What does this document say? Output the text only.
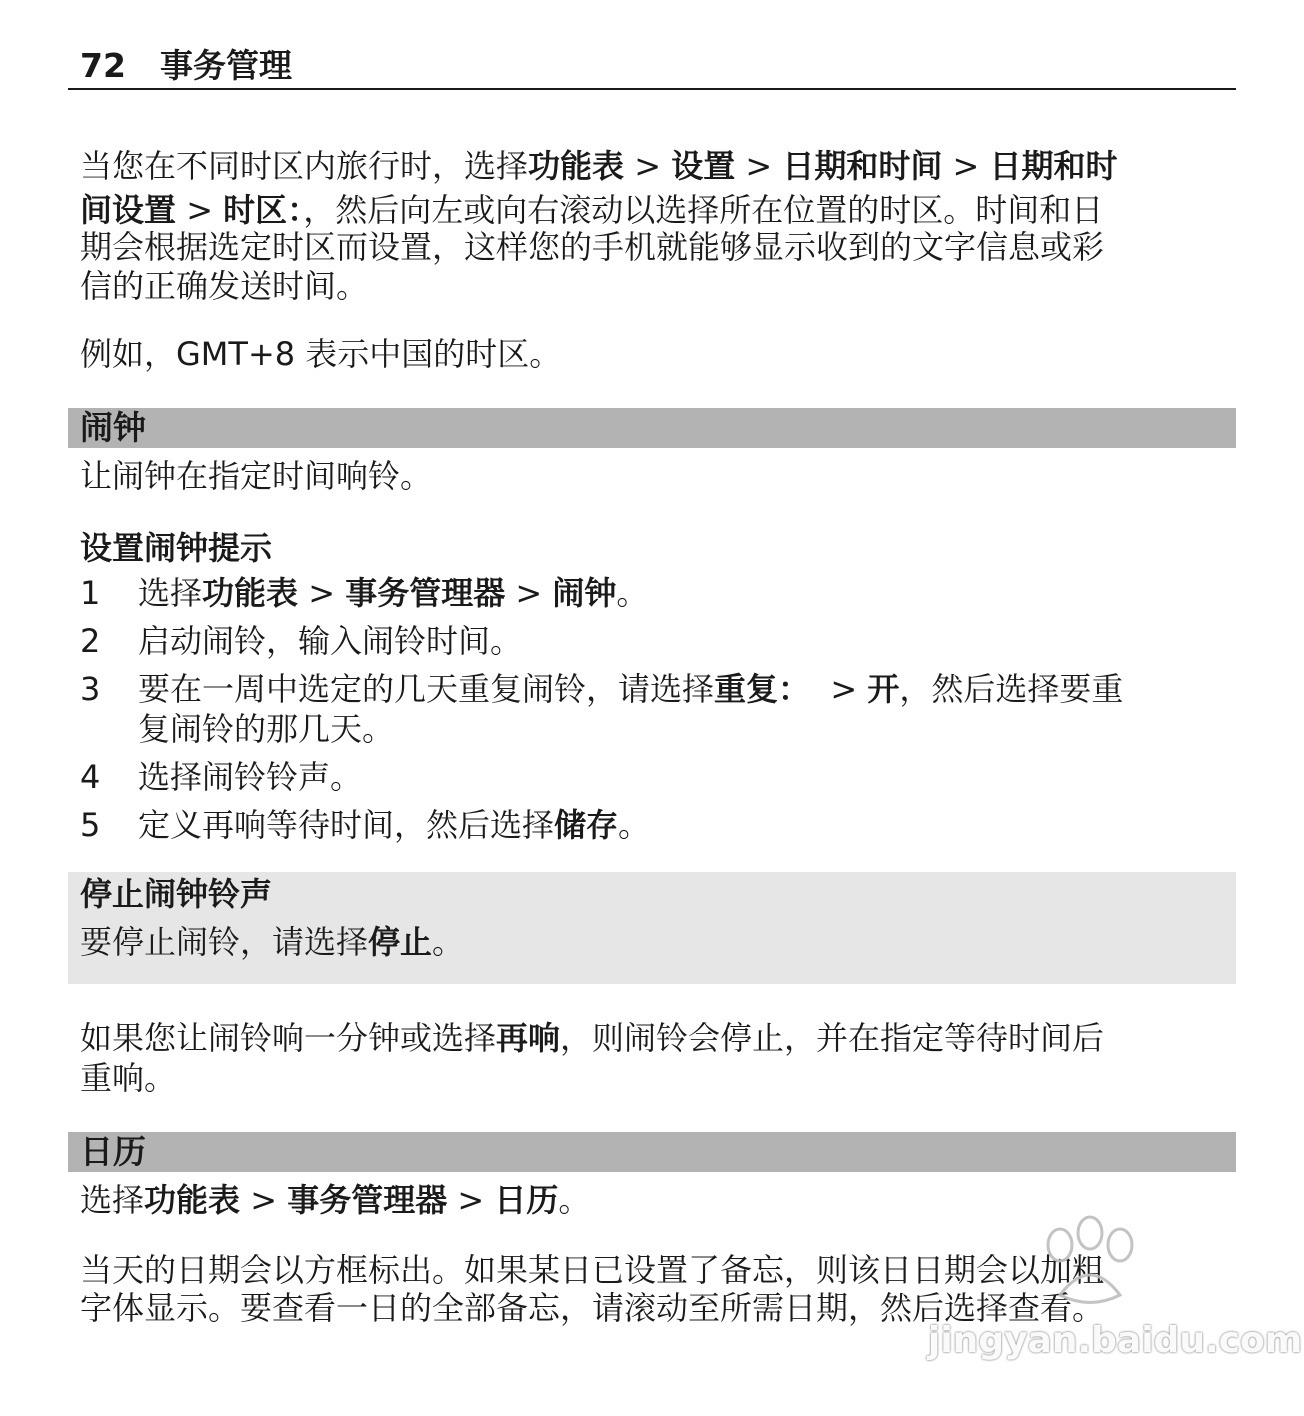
72 事务管理

当您在不同时区内旅行时，选择功能表 > 设置 > 日期和时间 > 日期和时

间设置 > 时区：，然后向左或向右滚动以选择所在位置的时区。时间和日

期会根据选定时区而设置，这样您的手机就能够显示收到的文字信息或彩

信的正确发送时间。

例如，GMT+8 表示中国的时区。

闹钟

让闹钟在指定时间响铃。

设置闹钟提示
1 选择功能表 > 事务管理器 > 闹钟。
2 启动闹铃，输入闹铃时间。
3 要在一周中选定的几天重复闹铃，请选择重复：  > 开，然后选择要重
复闹铃的那几天。
4 选择闹铃铃声。
5 定义再响等待时间，然后选择储存。
停止闹钟铃声

要停止闹铃，请选择停止。

如果您让闹铃响一分钟或选择再响，则闹铃会停止，并在指定等待时间后

重响。

日历

选择功能表 > 事务管理器 > 日历。

当天的日期会以方框标出。如果某日已设置了备忘，则该日日期会以加粗

字体显示。要查看一日的全部备忘，请滚动至所需日期，然后选择查看。

jingyan.baidu.com
